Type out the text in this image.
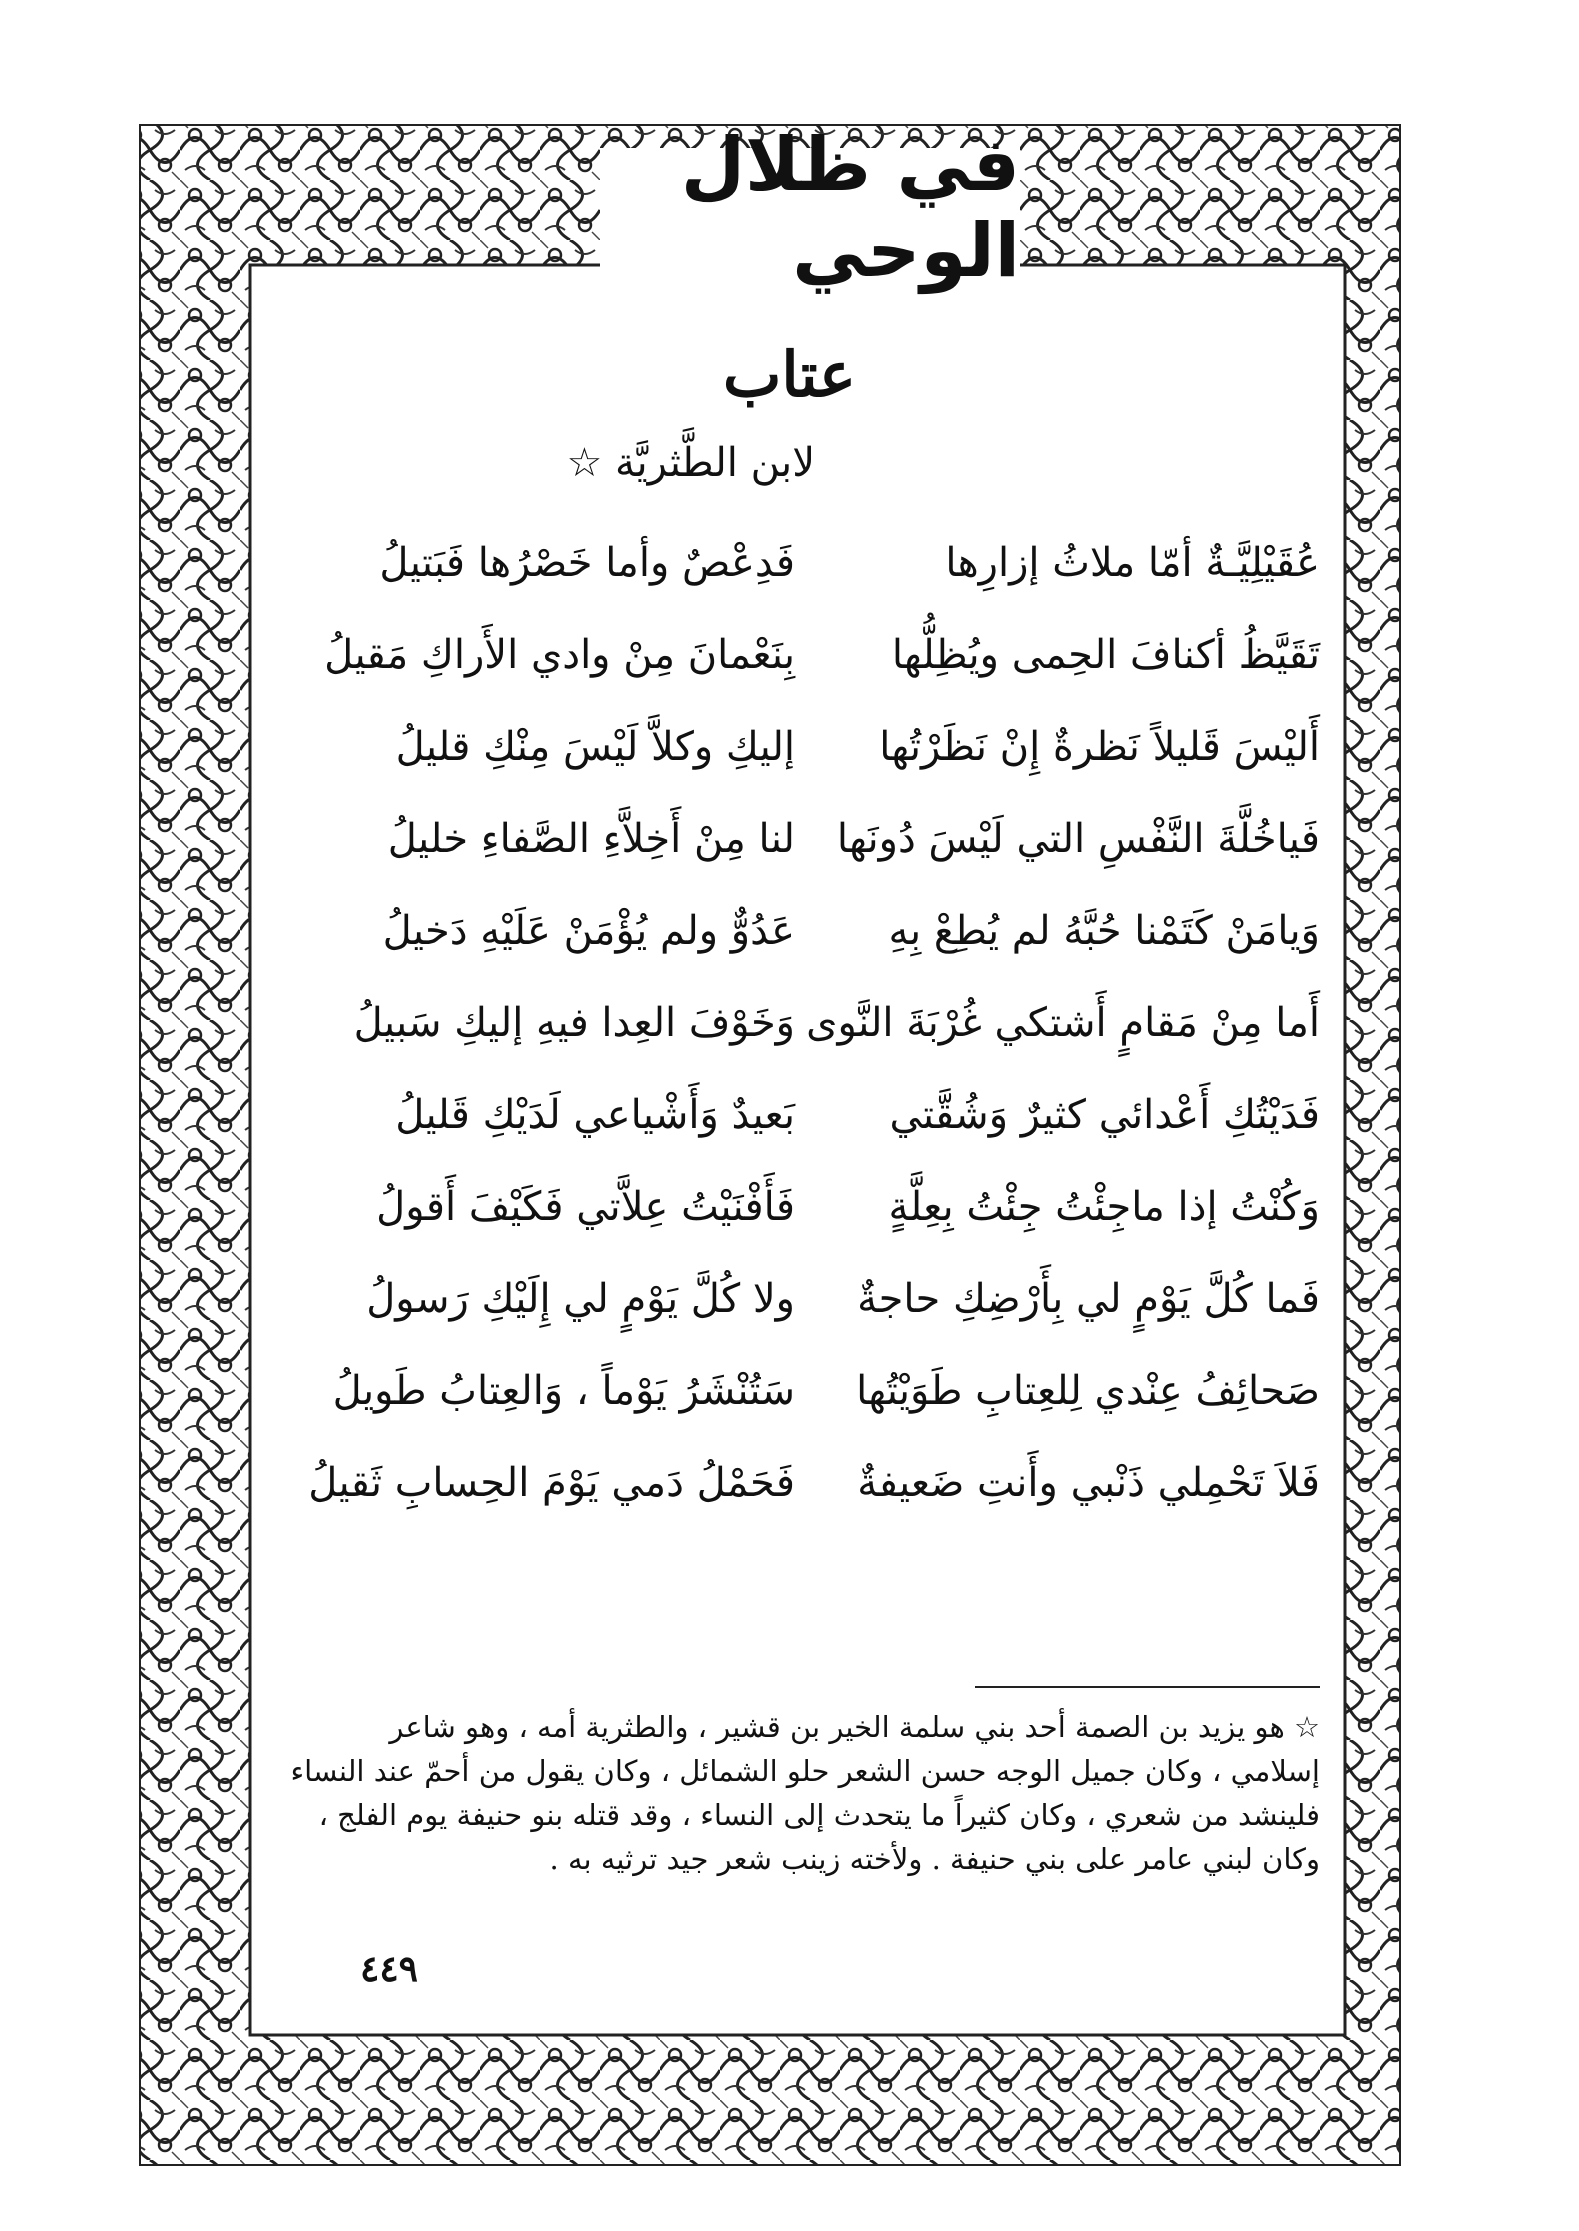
في ظلال الوحي
عتاب
لابن الطَّثريَّة ☆
عُقَيْلِيَّـةٌ أمّا ملاثُ إزارِها
فَدِعْصٌ وأما خَصْرُها فَبَتيلُ
تَقَيَّظُ أكنافَ الحِمى ويُظِلُّها
بِنَعْمانَ مِنْ وادي الأَراكِ مَقيلُ
أَليْسَ قَليلاً نَظرةٌ إِنْ نَظَرْتُها
إليكِ وكلاَّ لَيْسَ مِنْكِ قليلُ
فَياخُلَّةَ النَّفْسِ التي لَيْسَ دُونَها
لنا مِنْ أَخِلاَّءِ الصَّفاءِ خليلُ
وَيامَنْ كَتَمْنا حُبَّهُ لم يُطِعْ بِهِ
عَدُوٌّ ولم يُؤْمَنْ عَلَيْهِ دَخيلُ
أَما مِنْ مَقامٍ أَشتكي غُرْبَةَ النَّوى
وَخَوْفَ العِدا فيهِ إليكِ سَبيلُ
فَدَيْتُكِ أَعْدائي كثيرٌ وَشُقَّتي
بَعيدٌ وَأَشْياعي لَدَيْكِ قَليلُ
وَكُنْتُ إذا ماجِئْتُ جِئْتُ بِعِلَّةٍ
فَأَفْنَيْتُ عِلاَّتي فَكَيْفَ أَقولُ
فَما كُلَّ يَوْمٍ لي بِأَرْضِكِ حاجةٌ
ولا كُلَّ يَوْمٍ لي إِلَيْكِ رَسولُ
صَحائِفُ عِنْدي لِلعِتابِ طَوَيْتُها
سَتُنْشَرُ يَوْماً ، وَالعِتابُ طَويلُ
فَلاَ تَحْمِلي ذَنْبي وأَنتِ ضَعيفةٌ
فَحَمْلُ دَمي يَوْمَ الحِسابِ ثَقيلُ
☆ هو يزيد بن الصمة أحد بني سلمة الخير بن قشير ، والطثرية أمه ، وهو شاعر
إسلامي ، وكان جميل الوجه حسن الشعر حلو الشمائل ، وكان يقول من أحمّ عند النساء
فلينشد من شعري ، وكان كثيراً ما يتحدث إلى النساء ، وقد قتله بنو حنيفة يوم الفلج ،
وكان لبني عامر على بني حنيفة . ولأخته زينب شعر جيد ترثيه به .
٤٤٩
